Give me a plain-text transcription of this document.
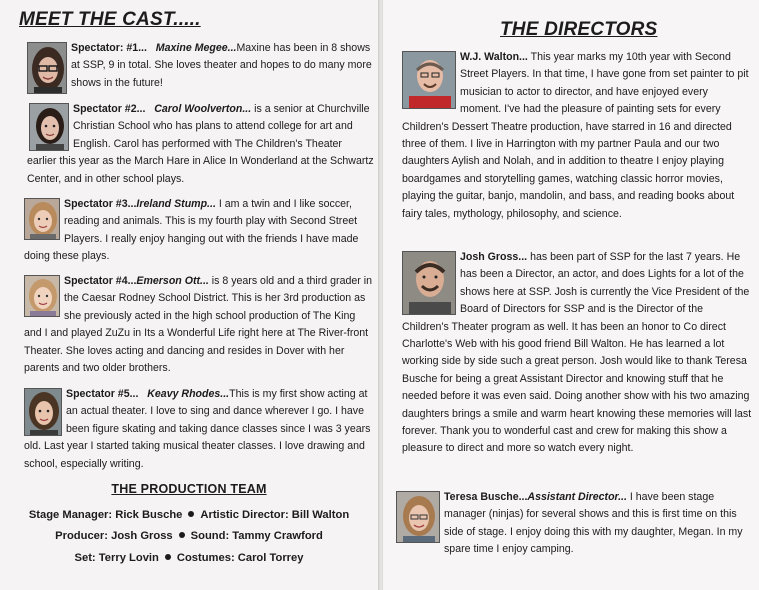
MEET THE CAST.....

Spectator: #1... Maxine Megee...Maxine has been in 8 shows at SSP, 9 in total. She loves theater and hopes to do many more shows in the future!

Spectator #2... Carol Woolverton... is a senior at Churchville Christian School who has plans to attend college for art and English. Carol has performed with The Children's Theater earlier this year as the March Hare in Alice In Wonderland at the Schwartz Center, and in other school plays.

Spectator #3...Ireland Stump... I am a twin and I like soccer, reading and animals. This is my fourth play with Second Street Players. I really enjoy hanging out with the friends I have made doing these plays.

Spectator #4...Emerson Ott... is 8 years old and a third grader in the Caesar Rodney School District. This is her 3rd production as she previously acted in the high school production of The King and I and played ZuZu in Its a Wonderful Life right here at The River-front Theater. She loves acting and dancing and resides in Dover with her parents and two older brothers.

Spectator #5... Keavy Rhodes...This is my first show acting at an actual theater. I love to sing and dance wherever I go. I have been figure skating and taking dance classes since I was 3 years old. Last year I started taking musical theater classes. I love drawing and school, especially writing.

THE PRODUCTION TEAM
Stage Manager: Rick Busche Artistic Director: Bill Walton
Producer: Josh Gross Sound: Tammy Crawford
Set: Terry Lovin Costumes: Carol Torrey
THE DIRECTORS

W.J. Walton... This year marks my 10th year with Second Street Players. In that time, I have gone from set painter to pit musician to actor to director, and have enjoyed every moment. I've had the pleasure of painting sets for every Children's Dessert Theatre production, have starred in 16 and directed three of them. I live in Harrington with my partner Paula and our two daughters Aylish and Nolah, and in addition to theatre I enjoy playing boardgames and storytelling games, watching classic horror movies, playing the guitar, banjo, mandolin, and bass, and reading books about fairy tales, mythology, philosophy, and science.

Josh Gross... has been part of SSP for the last 7 years. He has been a Director, an actor, and does Lights for a lot of the shows here at SSP. Josh is currently the Vice President of the Board of Directors for SSP and is the Director of the Children's Theater program as well. It has been an honor to Co direct Charlotte's Web with his good friend Bill Walton. He has learned a lot working side by side such a great person. Josh would like to thank Teresa Busche for being a great Assistant Director and knowing stuff that he needed before it was even said. Doing another show with his two amazing daughters brings a smile and warm heart knowing these memories will last forever. Thank you to wonderful cast and crew for making this show a pleasure to direct and more so watch every night.

Teresa Busche...Assistant Director... I have been stage manager (ninjas) for several shows and this is first time on this side of stage. I enjoy doing this with my daughter, Megan. In my spare time I enjoy camping.
